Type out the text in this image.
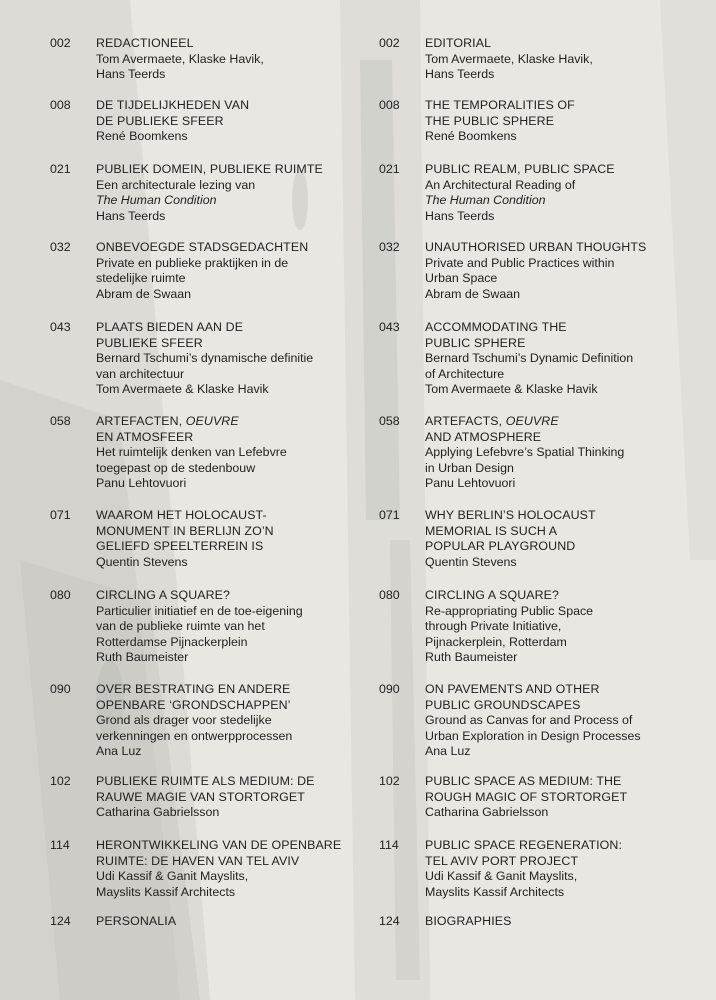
002 REDACTIONEEL
Tom Avermaete, Klaske Havik,
Hans Teerds
008 DE TIJDELIJKHEDEN VAN
DE PUBLIEKE SFEER
René Boomkens
021 PUBLIEK DOMEIN, PUBLIEKE RUIMTE
Een architecturale lezing van
The Human Condition
Hans Teerds
032 ONBEVOEGDE STADSGEDACHTEN
Private en publieke praktijken in de
stedelijke ruimte
Abram de Swaan
043 PLAATS BIEDEN AAN DE
PUBLIEKE SFEER
Bernard Tschumi’s dynamische definitie
van architectuur
Tom Avermaete & Klaske Havik
058 ARTEFACTEN, OEUVRE
EN ATMOSFEER
Het ruimtelijk denken van Lefebvre
toegepast op de stedenbouw
Panu Lehtovuori
071 WAAROM HET HOLOCAUST-
MONUMENT IN BERLIJN ZO’N
GELIEFD SPEELTERREIN IS
Quentin Stevens
080 CIRCLING A SQUARE?
Particulier initiatief en de toe-eigening
van de publieke ruimte van het
Rotterdamse Pijnackerplein
Ruth Baumeister
090 OVER BESTRATING EN ANDERE
OPENBARE ‘GRONDSCHAPPEN’
Grond als drager voor stedelijke
verkenningen en ontwerpprocessen
Ana Luz
102 PUBLIEKE RUIMTE ALS MEDIUM: DE
RAUWE MAGIE VAN STORTORGET
Catharina Gabrielsson
114 HERONTWIKKELING VAN DE OPENBARE
RUIMTE: DE HAVEN VAN TEL AVIV
Udi Kassif & Ganit Mayslits,
Mayslits Kassif Architects
124 PERSONALIA
002 EDITORIAL
Tom Avermaete, Klaske Havik,
Hans Teerds
008 THE TEMPORALITIES OF
THE PUBLIC SPHERE
René Boomkens
021 PUBLIC REALM, PUBLIC SPACE
An Architectural Reading of
The Human Condition
Hans Teerds
032 UNAUTHORISED URBAN THOUGHTS
Private and Public Practices within
Urban Space
Abram de Swaan
043 ACCOMMODATING THE
PUBLIC SPHERE
Bernard Tschumi’s Dynamic Definition
of Architecture
Tom Avermaete & Klaske Havik
058 ARTEFACTS, OEUVRE
AND ATMOSPHERE
Applying Lefebvre’s Spatial Thinking
in Urban Design
Panu Lehtovuori
071 WHY BERLIN’S HOLOCAUST
MEMORIAL IS SUCH A
POPULAR PLAYGROUND
Quentin Stevens
080 CIRCLING A SQUARE?
Re-appropriating Public Space
through Private Initiative,
Pijnackerplein, Rotterdam
Ruth Baumeister
090 ON PAVEMENTS AND OTHER
PUBLIC GROUNDSCAPES
Ground as Canvas for and Process of
Urban Exploration in Design Processes
Ana Luz
102 PUBLIC SPACE AS MEDIUM: THE
ROUGH MAGIC OF STORTORGET
Catharina Gabrielsson
114 PUBLIC SPACE REGENERATION:
TEL AVIV PORT PROJECT
Udi Kassif & Ganit Mayslits,
Mayslits Kassif Architects
124 BIOGRAPHIES
